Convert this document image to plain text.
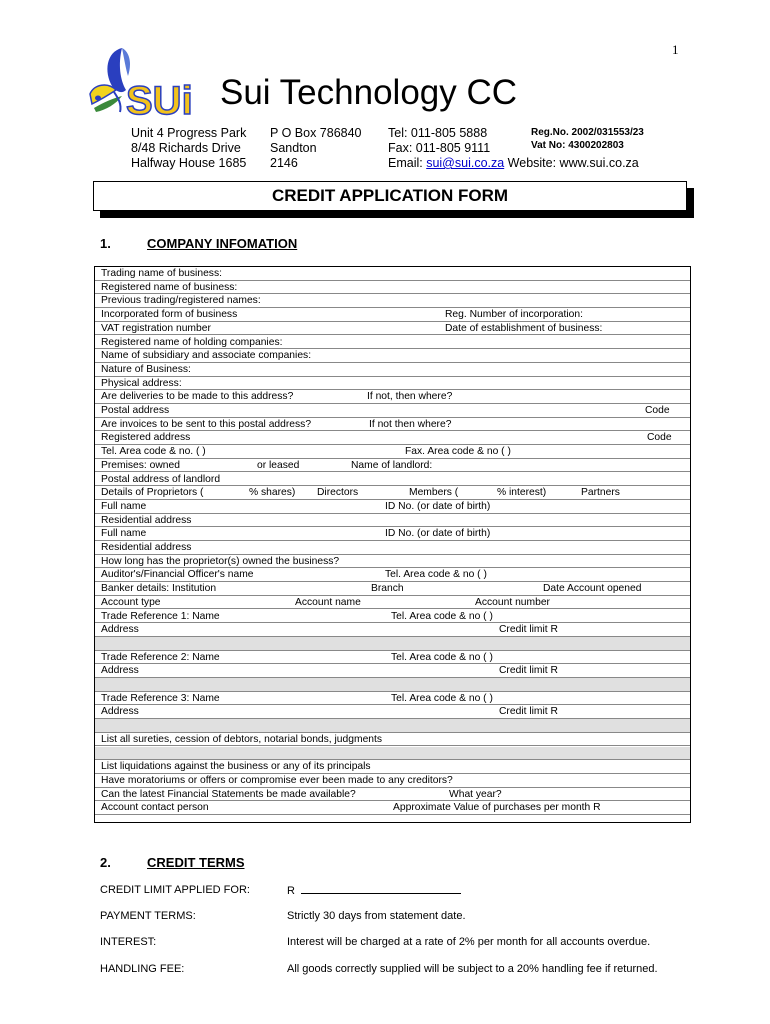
1
SUi Sui Technology CC
Unit 4 Progress Park
8/48 Richards Drive
Halfway House 1685
P O Box 786840
Sandton
2146
Tel: 011-805 5888
Fax: 011-805 9111
Email: sui@sui.co.za Website: www.sui.co.za
Reg.No. 2002/031553/23
Vat No: 4300202803
CREDIT APPLICATION FORM
1.	COMPANY INFOMATION
Trading name of business:
Registered name of business:
Previous trading/registered names:
Incorporated form of business	Reg. Number of incorporation:
VAT registration number	Date of establishment of business:
Registered name of holding companies:
Name of subsidiary and associate companies:
Nature of Business:
Physical address:
Are deliveries to be made to this address?	If not, then where?
Postal address	Code
Are invoices to be sent to this postal address?	If not then where?
Registered address	Code
Tel. Area code & no. ( )	Fax. Area code & no ( )
Premises: owned	or leased	Name of landlord:
Postal address of landlord
Details of Proprietors (	% shares) Directors	Members (	% interest)	Partners
Full name	ID No. (or date of birth)
Residential address
Full name	ID No. (or date of birth)
Residential address
How long has the proprietor(s) owned the business?
Auditor's/Financial Officer's name	Tel. Area code & no ( )
Banker details: Institution	Branch	Date Account opened
Account type	Account name	Account number
Trade Reference 1: Name	Tel. Area code & no ( )
Address	Credit limit R
Trade Reference 2: Name	Tel. Area code & no ( )
Address	Credit limit R
Trade Reference 3: Name	Tel. Area code & no ( )
Address	Credit limit R
List all sureties, cession of debtors, notarial bonds, judgments
List liquidations against the business or any of its principals
Have moratoriums or offers or compromise ever been made to any creditors?
Can the latest Financial Statements be made available?	What year?
Account contact person	Approximate Value of purchases per month R
2.	CREDIT TERMS
CREDIT LIMIT APPLIED FOR:	R
PAYMENT TERMS:	Strictly 30 days from statement date.
INTEREST:	Interest will be charged at a rate of 2% per month for all accounts overdue.
HANDLING FEE:	All goods correctly supplied will be subject to a 20% handling fee if returned.
